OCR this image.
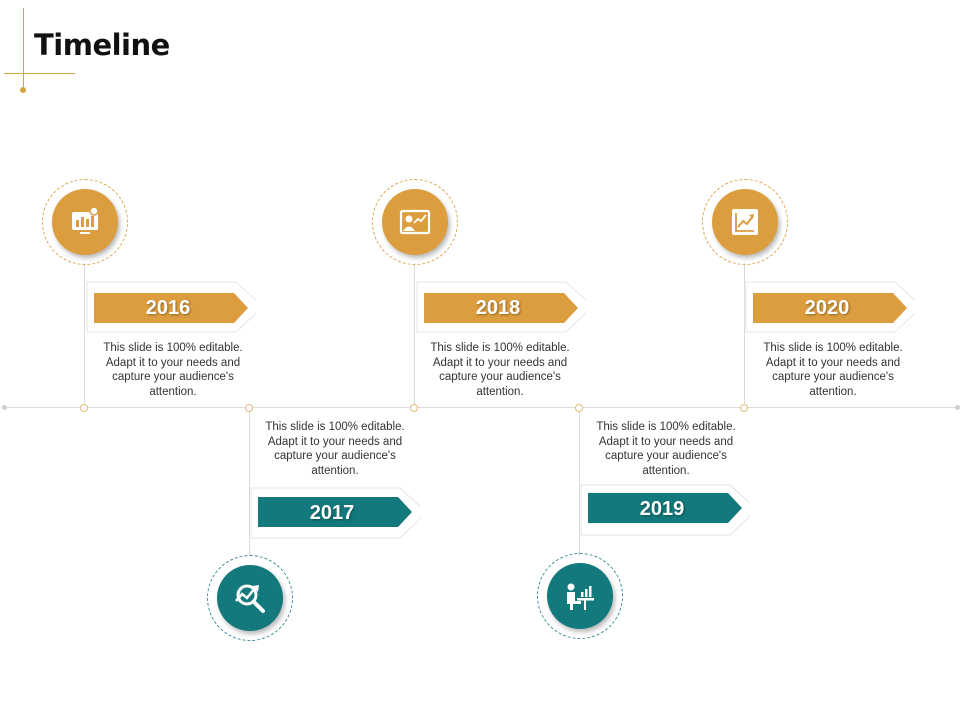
Timeline
2016
This slide is 100% editable. Adapt it to your needs and capture your audience's attention.
2017
This slide is 100% editable. Adapt it to your needs and capture your audience's attention.
2018
This slide is 100% editable. Adapt it to your needs and capture your audience's attention.
2019
This slide is 100% editable. Adapt it to your needs and capture your audience's attention.
2020
This slide is 100% editable. Adapt it to your needs and capture your audience's attention.
